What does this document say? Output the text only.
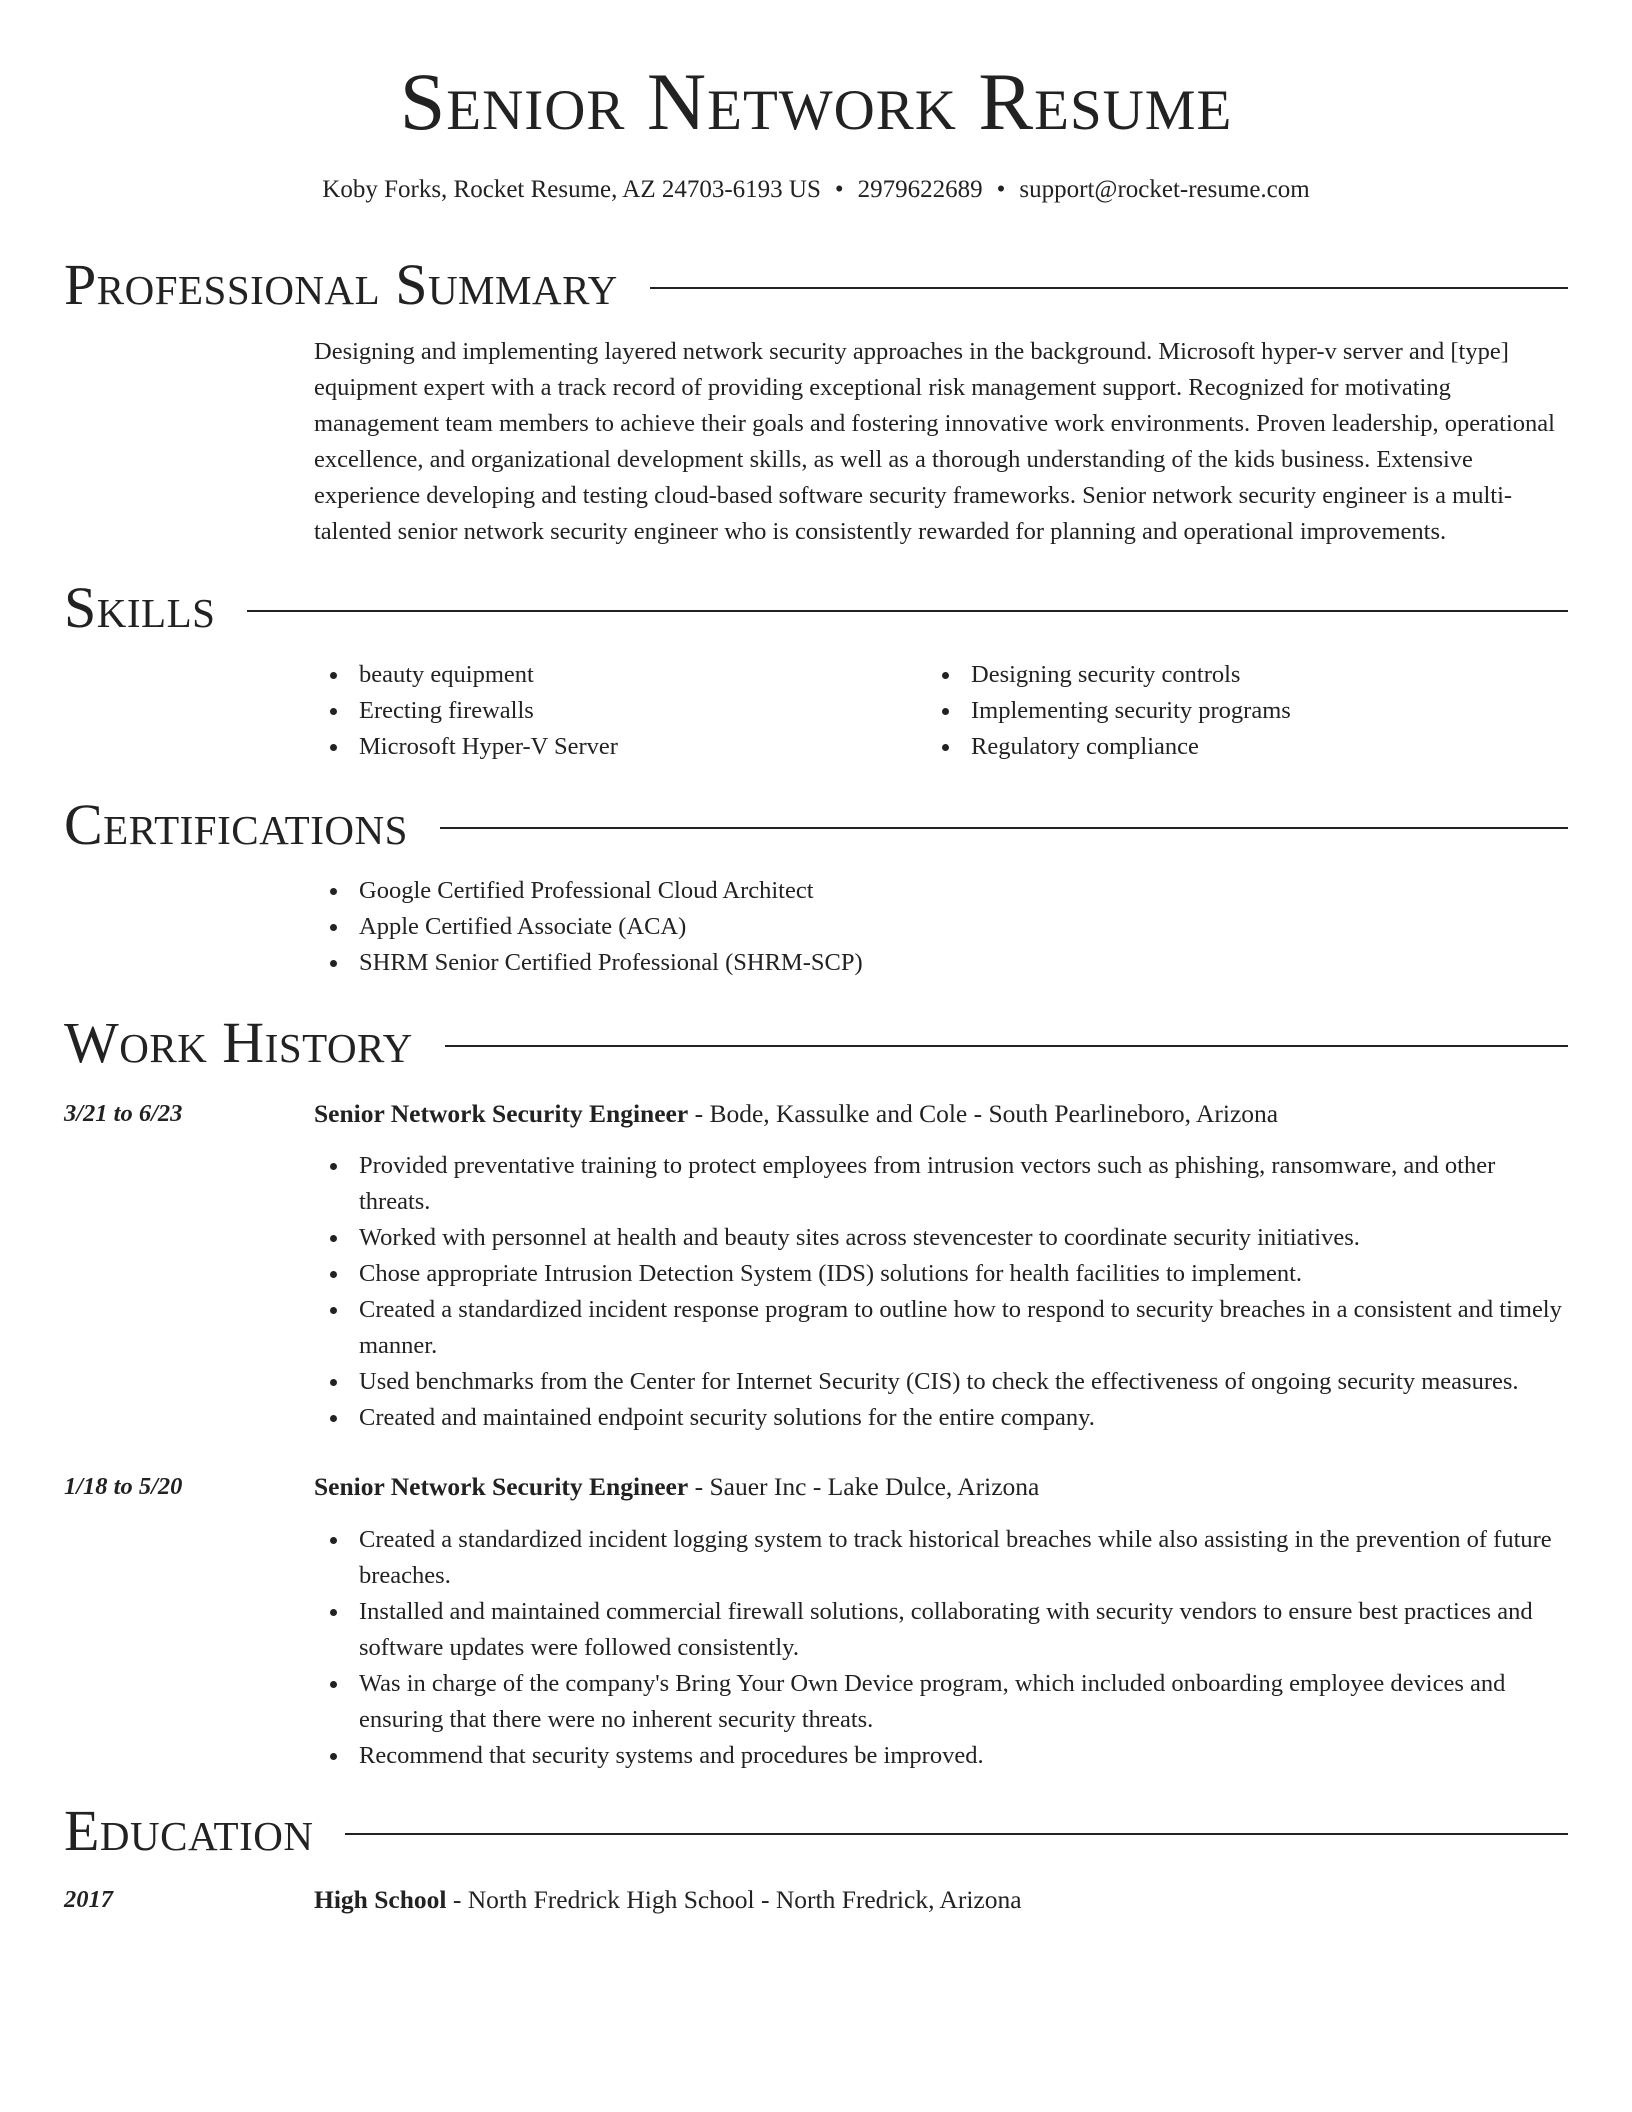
Senior Network Resume
Koby Forks, Rocket Resume, AZ 24703-6193 US • 2979622689 • support@rocket-resume.com
Professional Summary
Designing and implementing layered network security approaches in the background. Microsoft hyper-v server and [type] equipment expert with a track record of providing exceptional risk management support. Recognized for motivating management team members to achieve their goals and fostering innovative work environments. Proven leadership, operational excellence, and organizational development skills, as well as a thorough understanding of the kids business. Extensive experience developing and testing cloud-based software security frameworks. Senior network security engineer is a multi-talented senior network security engineer who is consistently rewarded for planning and operational improvements.
Skills
beauty equipment
Erecting firewalls
Microsoft Hyper-V Server
Designing security controls
Implementing security programs
Regulatory compliance
Certifications
Google Certified Professional Cloud Architect
Apple Certified Associate (ACA)
SHRM Senior Certified Professional (SHRM-SCP)
Work History
3/21 to 6/23	Senior Network Security Engineer - Bode, Kassulke and Cole - South Pearlineboro, Arizona
Provided preventative training to protect employees from intrusion vectors such as phishing, ransomware, and other threats.
Worked with personnel at health and beauty sites across stevencester to coordinate security initiatives.
Chose appropriate Intrusion Detection System (IDS) solutions for health facilities to implement.
Created a standardized incident response program to outline how to respond to security breaches in a consistent and timely manner.
Used benchmarks from the Center for Internet Security (CIS) to check the effectiveness of ongoing security measures.
Created and maintained endpoint security solutions for the entire company.
1/18 to 5/20	Senior Network Security Engineer - Sauer Inc - Lake Dulce, Arizona
Created a standardized incident logging system to track historical breaches while also assisting in the prevention of future breaches.
Installed and maintained commercial firewall solutions, collaborating with security vendors to ensure best practices and software updates were followed consistently.
Was in charge of the company's Bring Your Own Device program, which included onboarding employee devices and ensuring that there were no inherent security threats.
Recommend that security systems and procedures be improved.
Education
2017	High School - North Fredrick High School - North Fredrick, Arizona
